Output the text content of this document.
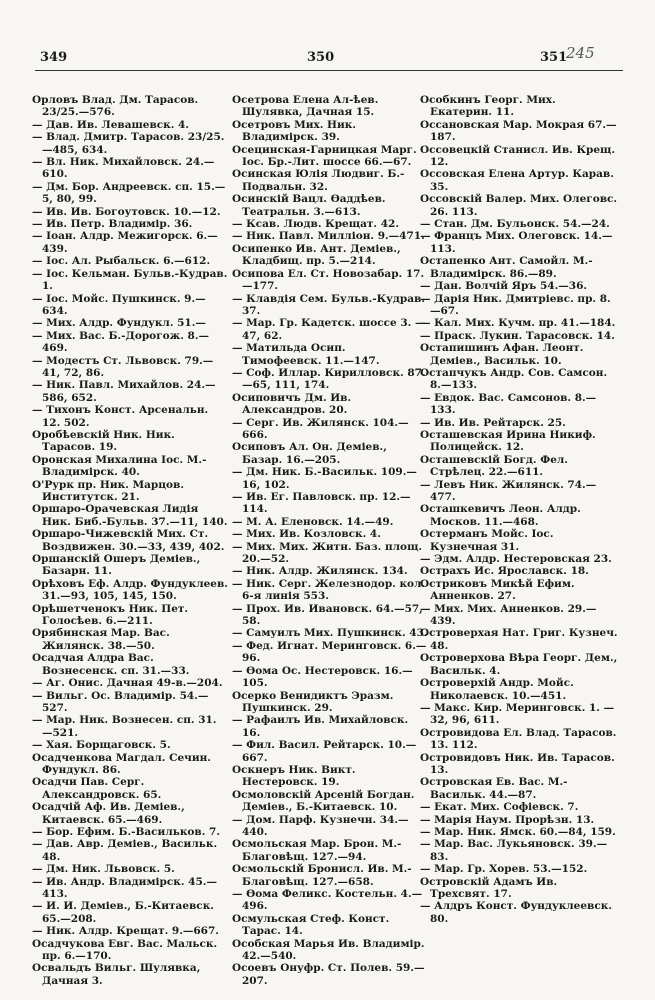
349	350	351
245
Орловъ Влад. Дм. Тарасов. 23/25.—576.
— Дав. Ив. Левашевск. 4.
— Влад. Дмитр. Тарасов. 23/25.—485, 634.
— Вл. Ник. Михайловск. 24.—610.
— Дм. Бор. Андреевск. сп. 15.—5, 80, 99.
— Ив. Ив. Богоутовск. 10.—12.
— Ив. Петр. Владимір. 36.
— Іоан. Алдр. Межигорск. 6.—439.
— Іос. Ал. Рыбальск. 6.—612.
— Іос. Кельман. Бульв.-Кудрав. 1.
— Іос. Мойс. Пушкинск. 9.—634.
— Мих. Алдр. Фундукл. 51.—
— Мих. Вас. Б.-Дорогож. 8.—469.
— Модестъ Ст. Львовск. 79.—41, 72, 86.
— Ник. Павл. Михайлов. 24.—586, 652.
— Тихонъ Конст. Арсенальн. 12. 502.
Оробѣевскій Ник. Ник. Тарасов. 19.
Оронская Михалина Іос. М.-Владимірск. 40.
О'Рурк пр. Ник. Марцов. Институтск. 21.
Оршаро-Орачевская Лидія Ник. Биб.-Бульв. 37.—11, 140.
Оршаро-Чижевскій Мих. Ст. Воздвижен. 30.—33, 439, 402.
Оршанскій Ошеръ Деміев., Базарн. 11.
Орѣховъ Еф. Алдр. Фундуклеев. 31.—93, 105, 145, 150.
Орѣшетченокъ Ник. Пет. Голосѣев. 6.—211.
Орябинская Мар. Вас. Жилянск. 38.—50.
Осадчая Алдра Вас. Вознесенск. сп. 31.—33.
— Аг. Онис. Дачная 49-в.—204.
— Вильг. Ос. Владимір. 54.—527.
— Мар. Ник. Вознесен. сп. 31. —521.
— Хая. Борщаговск. 5.
Осадченкова Магдал. Сечин. Фундукл. 86.
Осадчи Пав. Серг. Александровск. 65.
Осадчій Аф. Ив. Деміев., Китаевск. 65.—469.
— Бор. Ефим. Б.-Васильков. 7.
— Дав. Авр. Деміев., Васильк. 48.
— Дм. Ник. Львовск. 5.
— Ив. Андр. Владимірск. 45.—413.
— И. И. Деміев., Б.-Китаевск. 65.—208.
— Ник. Алдр. Крещат. 9.—667.
Осадчукова Евг. Вас. Мальск. пр. 6.—170.
Освальдъ Вильг. Шулявка, Дачная 3.
Осетрова Елена Ал-ѣев. Шулявка, Дачная 15.
Осетровъ Мих. Ник. Владимірск. 39.
Осецинская-Гарницкая Марг. Іос. Бр.-Лит. шоссе 66.—67.
Осинская Юлія Людвиг. Б.-Подвальн. 32.
Осинскій Вацл. Ѳаддѣев. Театральн. 3.—613.
— Ксав. Людв. Крещат. 42.
— Ник. Павл. Милліон. 9.—471.
Осипенко Ив. Ант. Деміев., Кладбищ. пр. 5.—214.
Осипова Ел. Ст. Новозабар. 17.—177.
— Клавдія Сем. Бульв.-Кудрав. 37.
— Мар. Гр. Кадетск. шоссе 3. —47, 62.
— Матильда Осип. Тимофеевск. 11.—147.
— Соф. Иллар. Кирилловск. 87. —65, 111, 174.
Осиповичъ Дм. Ив. Александров. 20.
— Серг. Ив. Жилянск. 104.—666.
Осиповъ Ал. Он. Деміев., Базар. 16.—205.
— Дм. Ник. Б.-Васильк. 109.—16, 102.
— Ив. Ег. Павловск. пр. 12.—114.
— М. А. Еленовск. 14.—49.
— Мих. Ив. Козловск. 4.
— Мих. Мих. Житн. Баз. площ. 20.—52.
— Ник. Алдр. Жилянск. 134.
— Ник. Серг. Железнодор. кол. 6-я линія 553.
— Прох. Ив. Ивановск. 64.—57, 58.
— Самуилъ Мих. Пушкинск. 43.
— Фед. Игнат. Меринговск. 6.—96.
— Ѳома Ос. Нестеровск. 16.—105.
Осерко Венидиктъ Эразм. Пушкинск. 29.
— Рафаилъ Ив. Михайловск. 16.
— Фил. Васил. Рейтарск. 10.—667.
Оскнеръ Ник. Викт. Нестеровск. 19.
Осмоловскій Арсеній Богдан. Деміев., Б.-Китаевск. 10.
— Дом. Парф. Кузнечн. 34.—440.
Осмольская Мар. Брон. М.-Благовѣщ. 127.—94.
Осмольскій Бронисл. Ив. М.-Благовѣщ. 127.—658.
— Ѳома Феликс. Костельн. 4.—496.
Осмульская Стеф. Конст. Тарас. 14.
Особская Марья Ив. Владимір. 42.—540.
Осоевъ Онуфр. Ст. Полев. 59.—207.
Особкинъ Георг. Мих. Екатерин. 11.
Оссановская Мар. Мокрая 67.—187.
Оссовецкій Станисл. Ив. Крещ. 12.
Оссовская Елена Артур. Карав. 35.
Оссовскій Валер. Мих. Олеговс. 26. 113.
— Стан. Дм. Бульонск. 54.—24.
— Францъ Мих. Олеговск. 14.—113.
Остапенко Ант. Самойл. М.-Владимірск. 86.—89.
— Дан. Волчій Яръ 54.—36.
— Дарія Ник. Дмитріевс. пр. 8.—67.
— Кал. Мих. Кучм. пр. 41.—184.
— Праск. Лукин. Тарасовск. 14.
Остапишинъ Афан. Леонт. Деміев., Васильк. 10.
Остапчукъ Андр. Сов. Самсон. 8.—133.
— Евдок. Вас. Самсонов. 8.—133.
— Ив. Ив. Рейтарск. 25.
Осташевская Ирина Никиф. Полицейск. 12.
Осташевскій Богд. Фел. Стрѣлец. 22.—611.
— Левъ Ник. Жилянск. 74.—477.
Осташкевичъ Леон. Алдр. Москов. 11.—468.
Остерманъ Мойс. Іос. Кузнечная 31.
— Эдм. Алдр. Нестеровская 23.
Острахъ Ис. Ярославск. 18.
Остриковъ Микѣй Ефим. Анненков. 27.
— Мих. Мих. Анненков. 29.—439.
Островерхая Нат. Григ. Кузнеч. 48.
Островерхова Вѣра Георг. Дем., Васильк. 4.
Островерхій Андр. Мойс. Николаевск. 10.—451.
— Макс. Кир. Меринговск. 1. —32, 96, 611.
Островидова Ел. Влад. Тарасов. 13. 112.
Островидовъ Ник. Ив. Тарасов. 13.
Островская Ев. Вас. М.-Васильк. 44.—87.
— Екат. Мих. Софіевск. 7.
— Марія Наум. Прорѣзн. 13.
— Мар. Ник. Ямск. 60.—84, 159.
— Мар. Вас. Лукьяновск. 39.—83.
— Мар. Гр. Хорев. 53.—152.
Островскій Адамъ Ив. Трехсвят. 17.
— Алдръ Конст. Фундуклеевск. 80.
